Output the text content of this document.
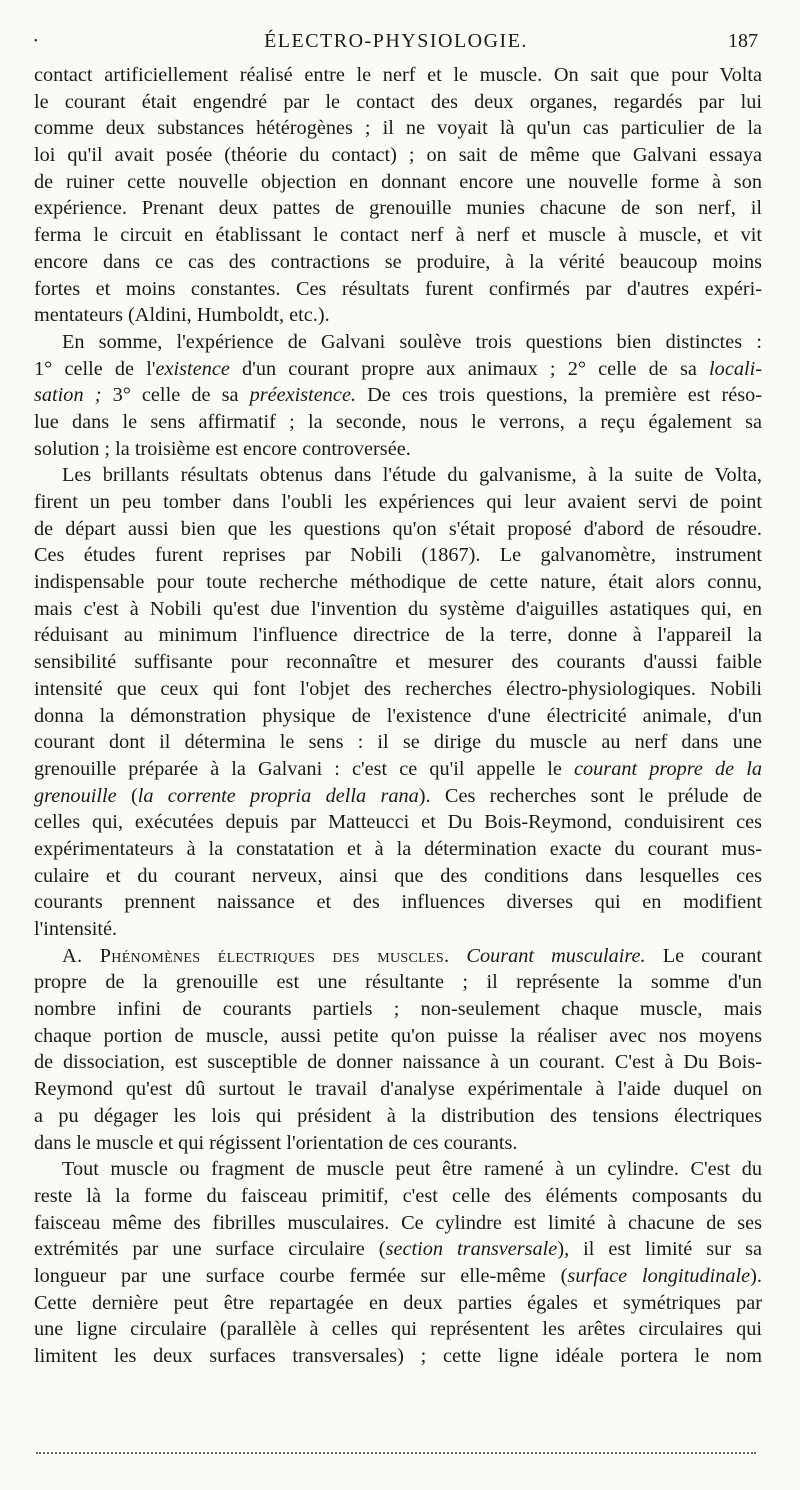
•	ÉLECTRO-PHYSIOLOGIE.	187
contact artificiellement réalisé entre le nerf et le muscle. On sait que pour Volta
le courant était engendré par le contact des deux organes, regardés par lui
comme deux substances hétérogènes ; il ne voyait là qu'un cas particulier de la
loi qu'il avait posée (théorie du contact) ; on sait de même que Galvani essaya
de ruiner cette nouvelle objection en donnant encore une nouvelle forme à son
expérience. Prenant deux pattes de grenouille munies chacune de son nerf, il
ferma le circuit en établissant le contact nerf à nerf et muscle à muscle, et vit
encore dans ce cas des contractions se produire, à la vérité beaucoup moins
fortes et moins constantes. Ces résultats furent confirmés par d'autres expéri-
mentateurs (Aldini, Humboldt, etc.).
En somme, l'expérience de Galvani soulève trois questions bien distinctes :
1° celle de l'existence d'un courant propre aux animaux ; 2° celle de sa locali-
sation ; 3° celle de sa préexistence. De ces trois questions, la première est réso-
lue dans le sens affirmatif ; la seconde, nous le verrons, a reçu également sa
solution ; la troisième est encore controversée.
Les brillants résultats obtenus dans l'étude du galvanisme, à la suite de Volta,
firent un peu tomber dans l'oubli les expériences qui leur avaient servi de point
de départ aussi bien que les questions qu'on s'était proposé d'abord de résoudre.
Ces études furent reprises par Nobili (1867). Le galvanomètre, instrument
indispensable pour toute recherche méthodique de cette nature, était alors connu,
mais c'est à Nobili qu'est due l'invention du système d'aiguilles astatiques qui, en
réduisant au minimum l'influence directrice de la terre, donne à l'appareil la
sensibilité suffisante pour reconnaître et mesurer des courants d'aussi faible
intensité que ceux qui font l'objet des recherches électro-physiologiques. Nobili
donna la démonstration physique de l'existence d'une électricité animale, d'un
courant dont il détermina le sens : il se dirige du muscle au nerf dans une
grenouille préparée à la Galvani : c'est ce qu'il appelle le courant propre de la
grenouille (la corrente propria della rana). Ces recherches sont le prélude de
celles qui, exécutées depuis par Matteucci et Du Bois-Reymond, conduisirent ces
expérimentateurs à la constatation et à la détermination exacte du courant mus-
culaire et du courant nerveux, ainsi que des conditions dans lesquelles ces
courants prennent naissance et des influences diverses qui en modifient
l'intensité.
A. Phénomènes électriques des muscles. Courant musculaire. Le courant
propre de la grenouille est une résultante ; il représente la somme d'un
nombre infini de courants partiels ; non-seulement chaque muscle, mais
chaque portion de muscle, aussi petite qu'on puisse la réaliser avec nos moyens
de dissociation, est susceptible de donner naissance à un courant. C'est à Du Bois-
Reymond qu'est dû surtout le travail d'analyse expérimentale à l'aide duquel on
a pu dégager les lois qui président à la distribution des tensions électriques
dans le muscle et qui régissent l'orientation de ces courants.
Tout muscle ou fragment de muscle peut être ramené à un cylindre. C'est du
reste là la forme du faisceau primitif, c'est celle des éléments composants du
faisceau même des fibrilles musculaires. Ce cylindre est limité à chacune de ses
extrémités par une surface circulaire (section transversale), il est limité sur sa
longueur par une surface courbe fermée sur elle-même (surface longitudinale).
Cette dernière peut être repartagée en deux parties égales et symétriques par
une ligne circulaire (parallèle à celles qui représentent les arêtes circulaires qui
limitent les deux surfaces transversales) ; cette ligne idéale portera le nom
